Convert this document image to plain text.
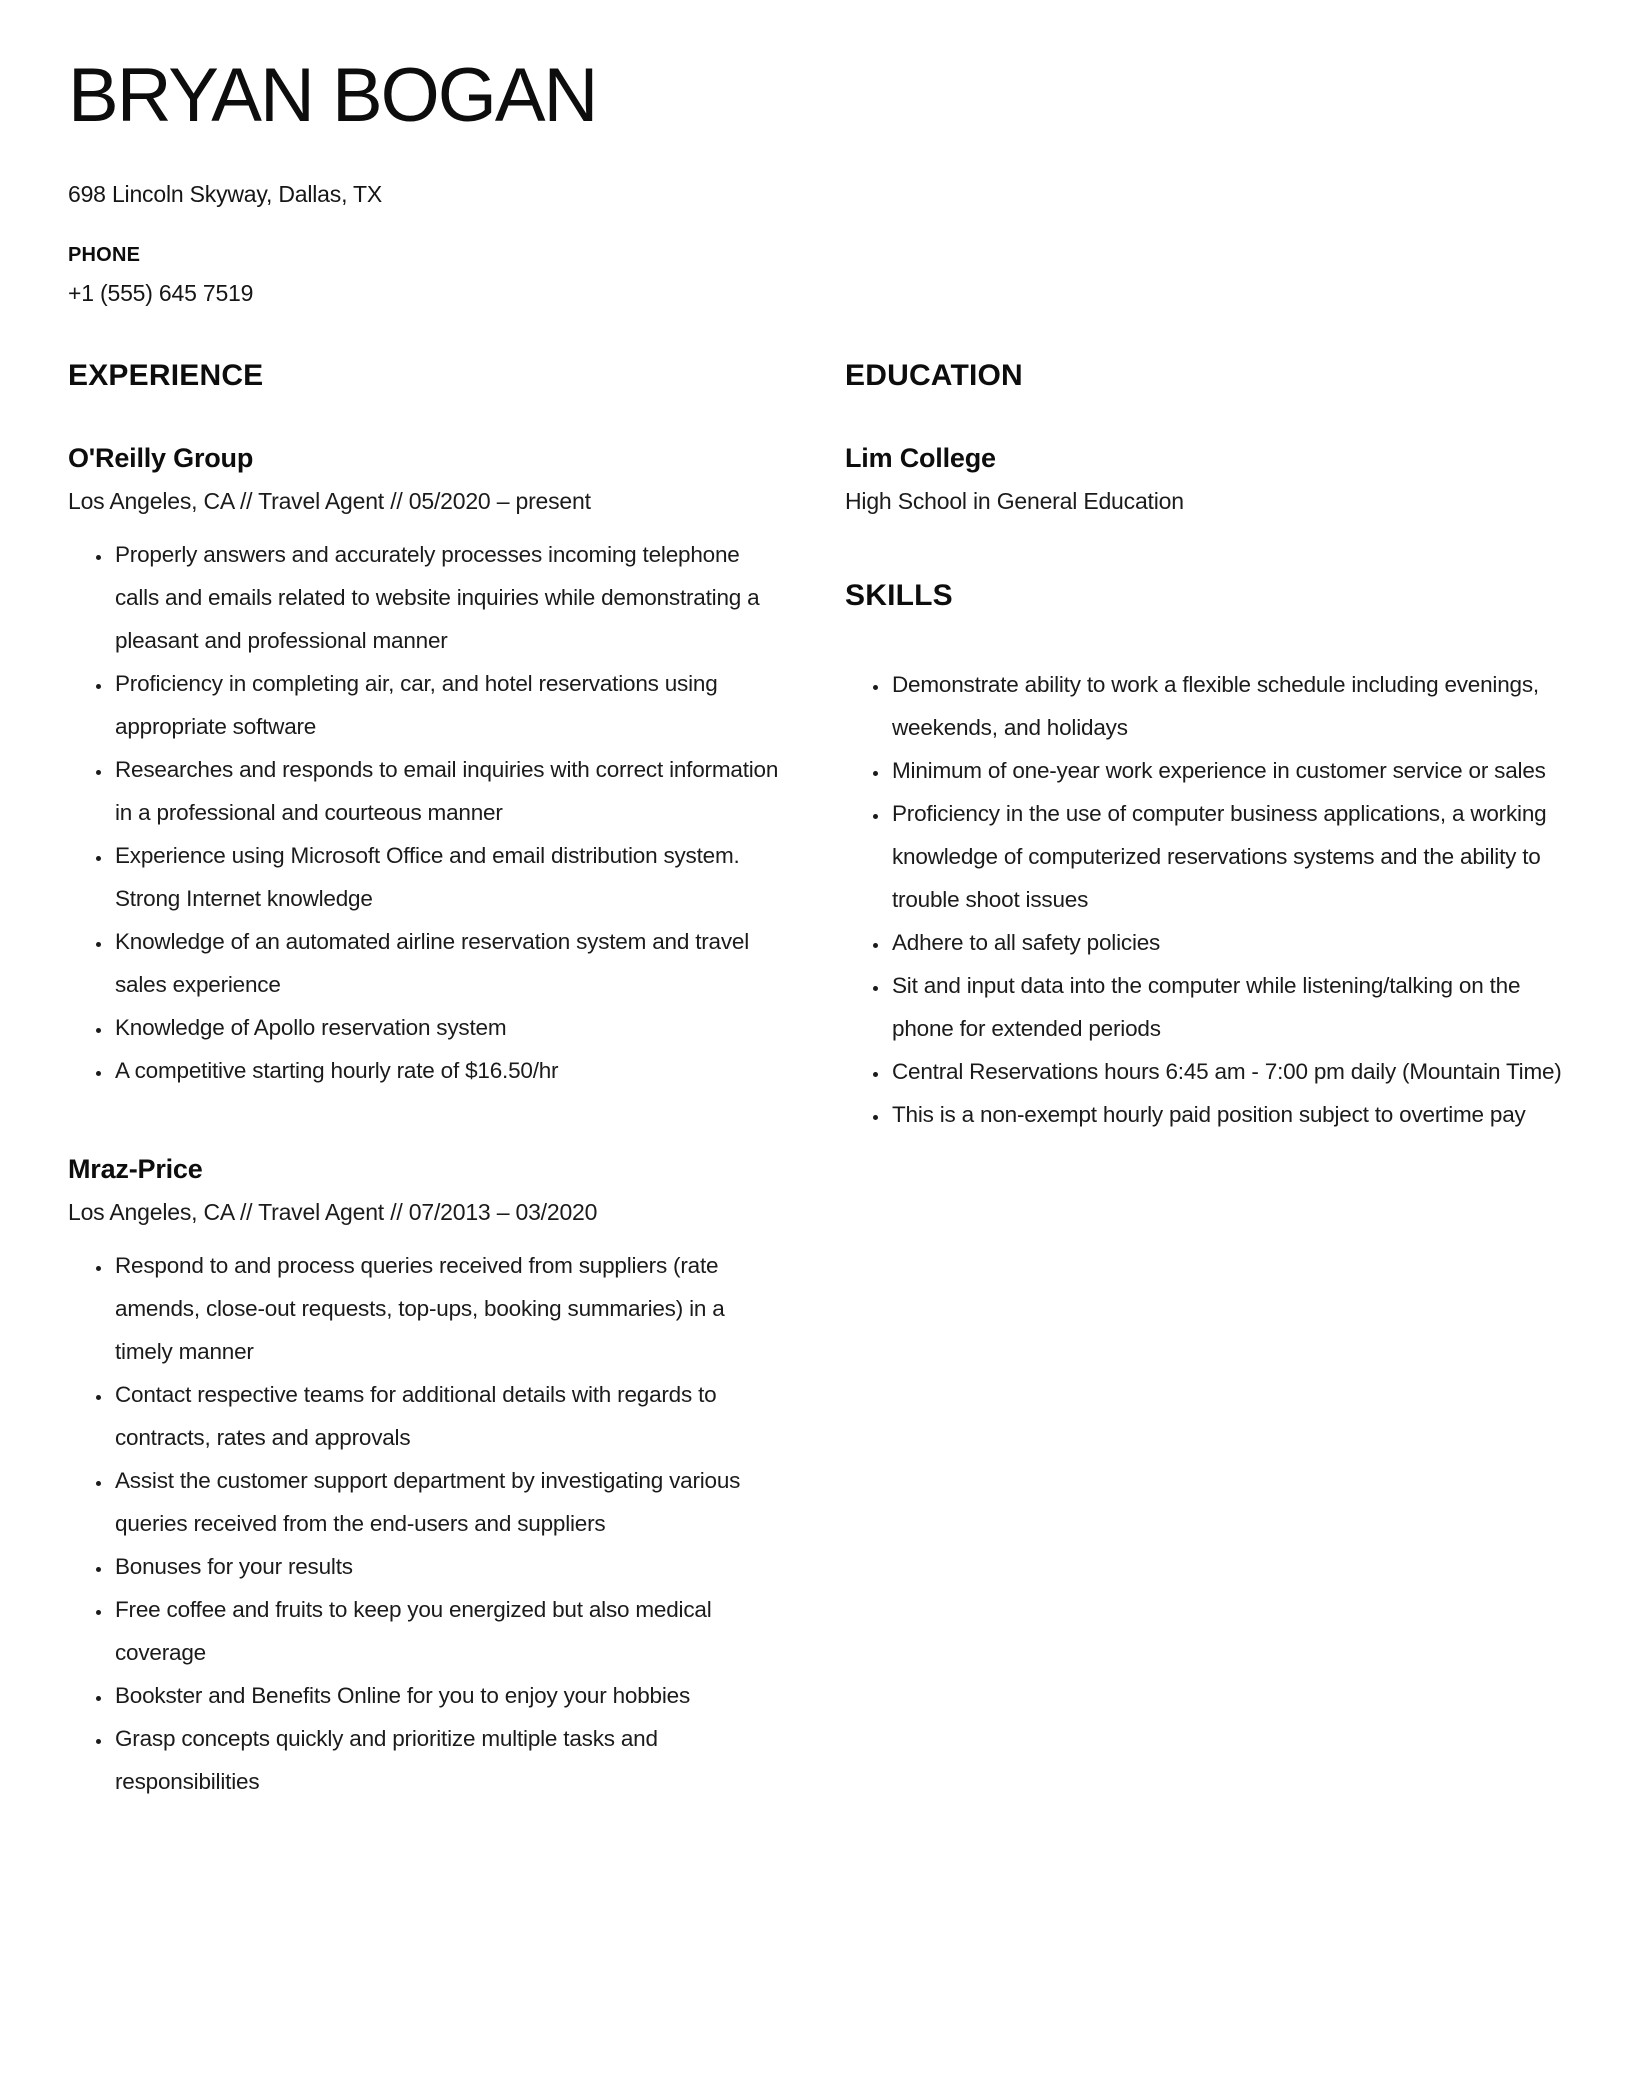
BRYAN BOGAN

698 Lincoln Skyway, Dallas, TX

PHONE

+1 (555) 645 7519

EXPERIENCE
O'Reilly Group

Los Angeles, CA // Travel Agent // 05/2020 – present

• Properly answers and accurately processes incoming telephone calls and emails related to website inquiries while demonstrating a pleasant and professional manner
• Proficiency in completing air, car, and hotel reservations using appropriate software
• Researches and responds to email inquiries with correct information in a professional and courteous manner
• Experience using Microsoft Office and email distribution system. Strong Internet knowledge
• Knowledge of an automated airline reservation system and travel sales experience
• Knowledge of Apollo reservation system
• A competitive starting hourly rate of $16.50/hr
Mraz-Price

Los Angeles, CA // Travel Agent // 07/2013 – 03/2020

• Respond to and process queries received from suppliers (rate amends, close-out requests, top-ups, booking summaries) in a timely manner
• Contact respective teams for additional details with regards to contracts, rates and approvals
• Assist the customer support department by investigating various queries received from the end-users and suppliers
• Bonuses for your results
• Free coffee and fruits to keep you energized but also medical coverage
• Bookster and Benefits Online for you to enjoy your hobbies
• Grasp concepts quickly and prioritize multiple tasks and responsibilities
EDUCATION
Lim College

High School in General Education

SKILLS
• Demonstrate ability to work a flexible schedule including evenings, weekends, and holidays
• Minimum of one-year work experience in customer service or sales
• Proficiency in the use of computer business applications, a working knowledge of computerized reservations systems and the ability to trouble shoot issues
• Adhere to all safety policies
• Sit and input data into the computer while listening/talking on the phone for extended periods
• Central Reservations hours 6:45 am - 7:00 pm daily (Mountain Time)
• This is a non-exempt hourly paid position subject to overtime pay
